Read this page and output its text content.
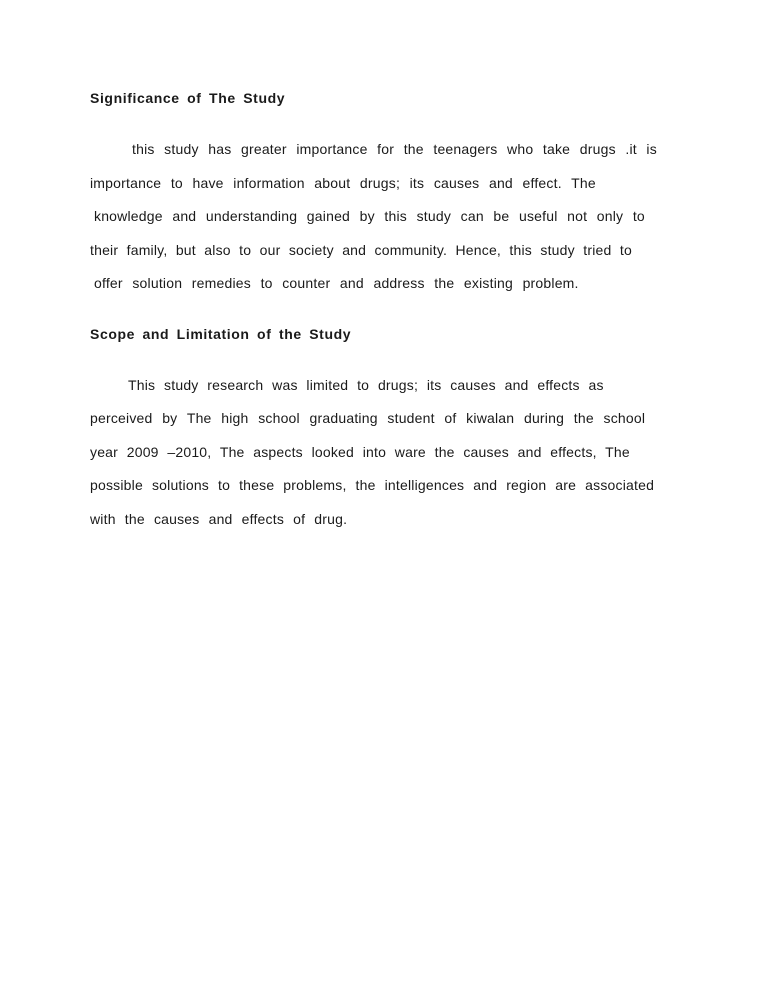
Significance of The Study

this study has greater importance for the teenagers who take drugs .it is

importance to have information about drugs; its causes and effect. The

knowledge and understanding gained by this study can be useful not only to

their family, but also to our society and community. Hence, this study tried to

offer solution remedies to counter and address the existing problem.

Scope and Limitation of the Study

This study research was limited to drugs; its causes and effects as

perceived by The high school graduating student of kiwalan during the school

year 2009 –2010, The aspects looked into ware the causes and effects, The

possible solutions to these problems, the intelligences and region are associated

with the causes and effects of drug.
